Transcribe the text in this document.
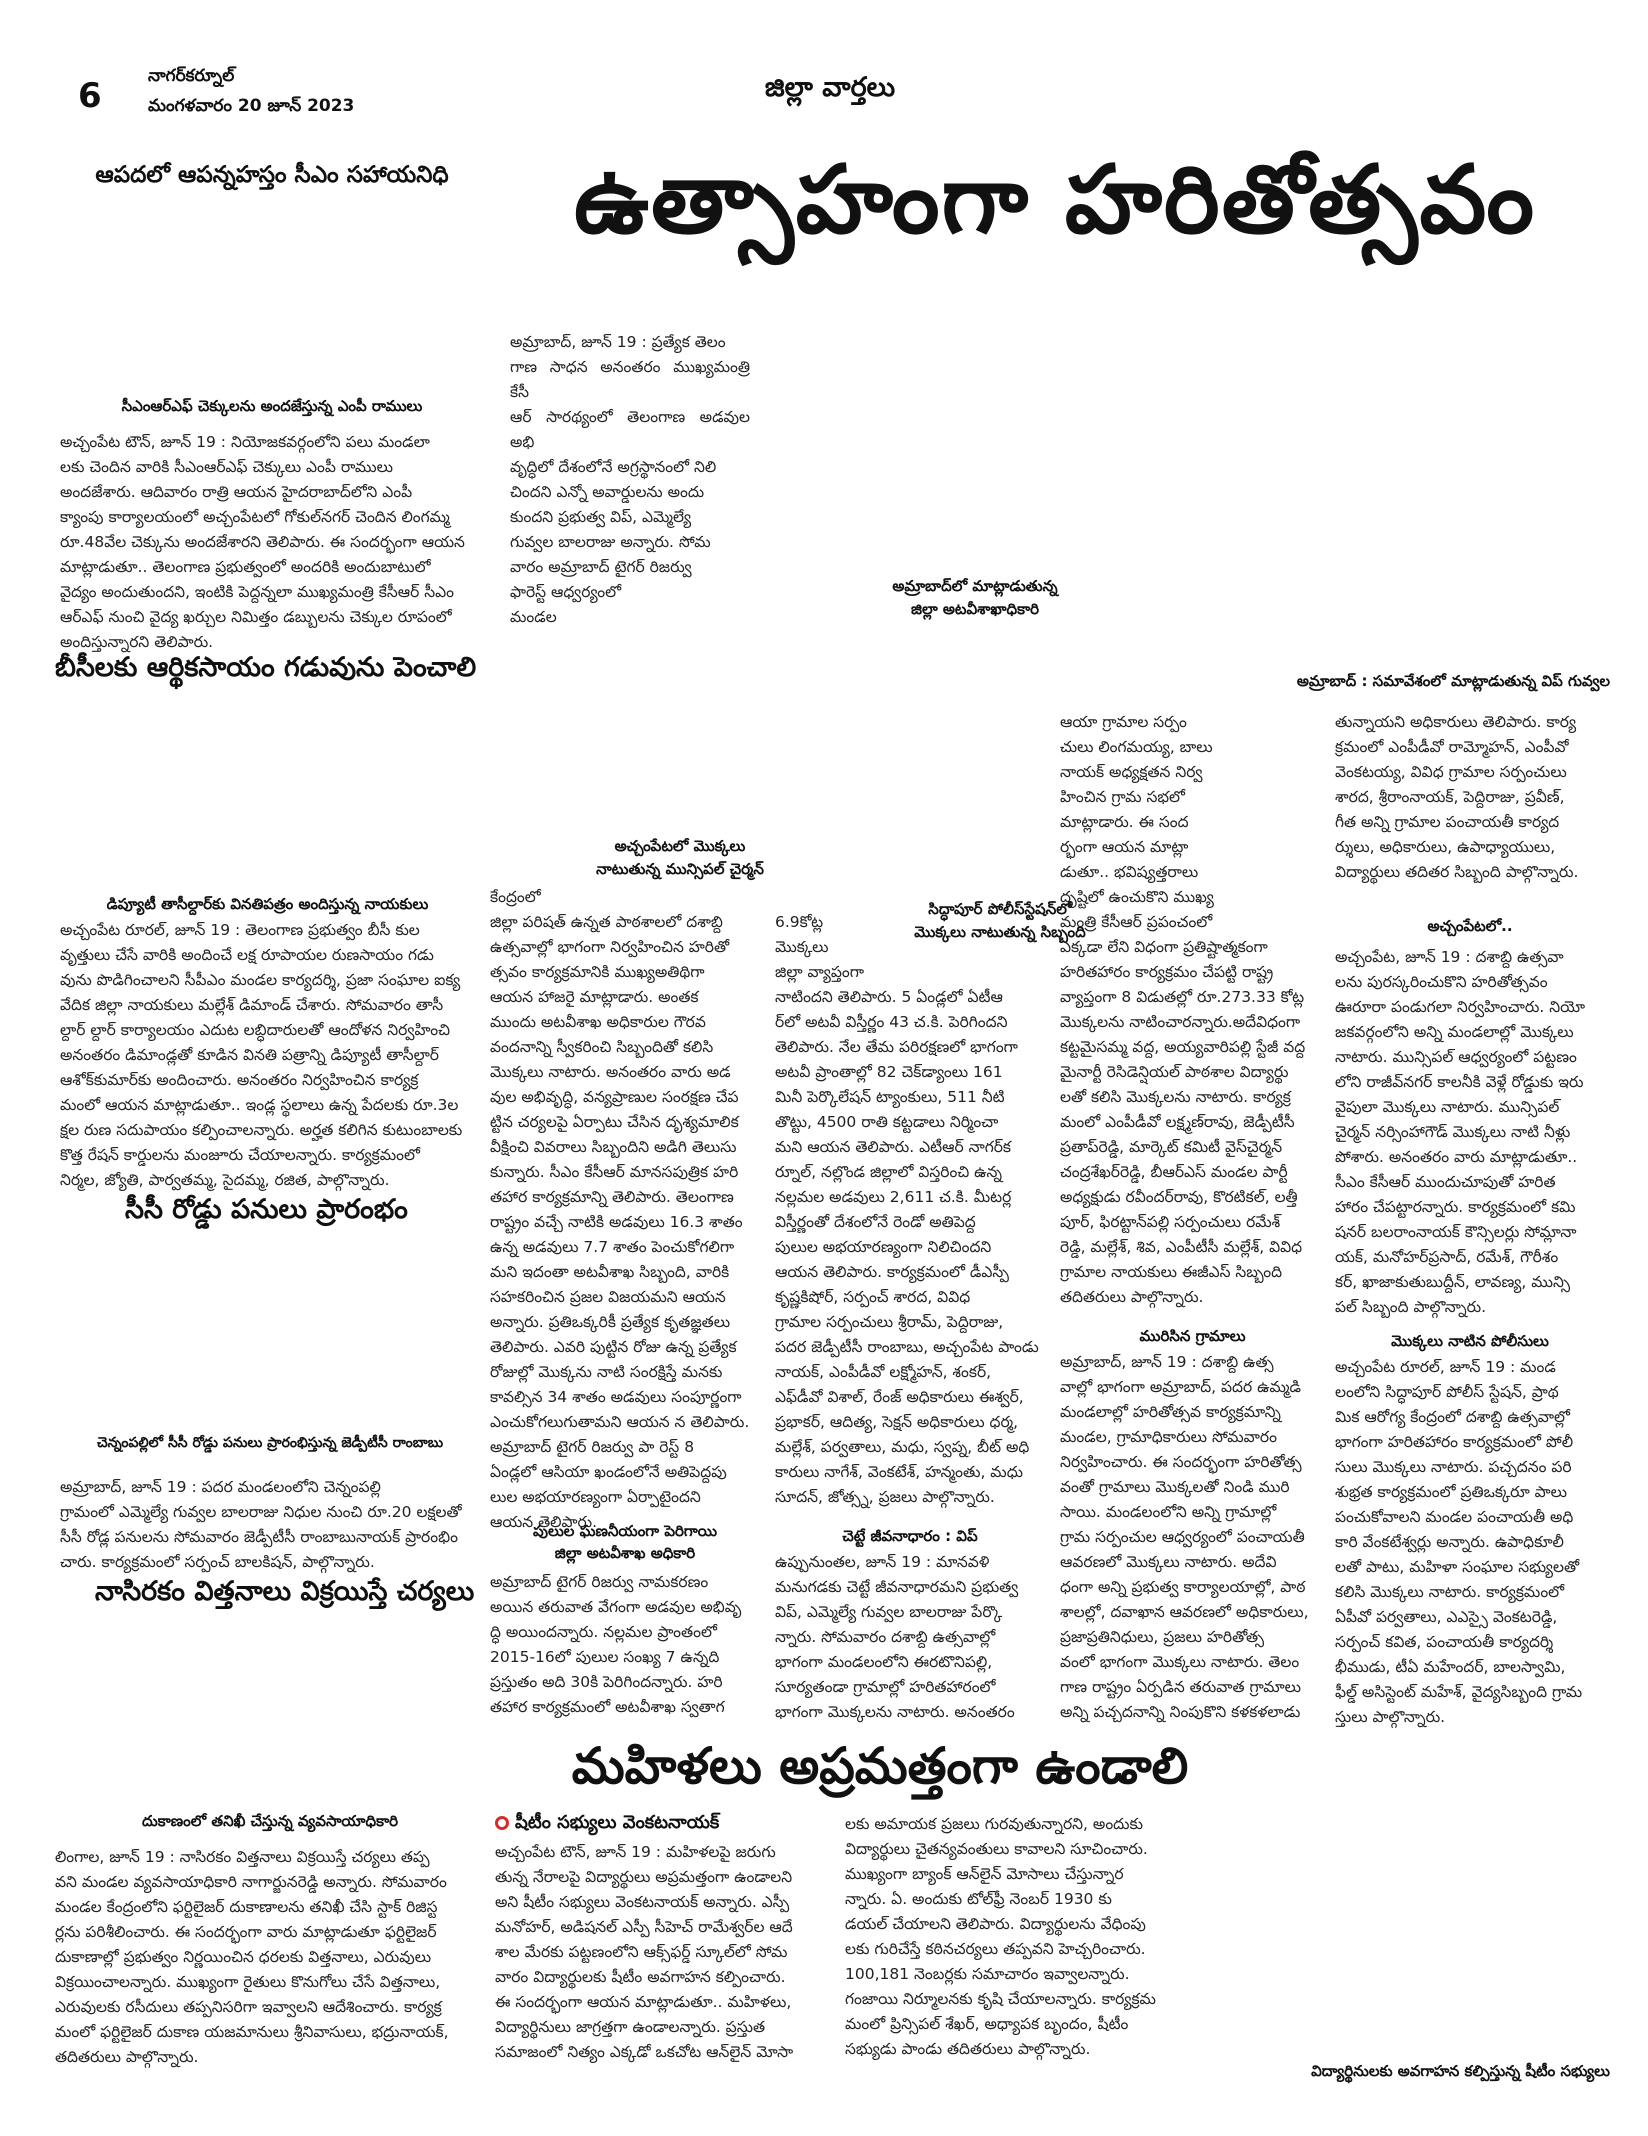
6	నాగర్‌కర్నూల్
మంగళవారం 20 జూన్ 2023
జిల్లా వార్తలు
ఉత్సాహంగా హరితోత్సవం
ఆపదలో ఆపన్నహస్తం సీఎం సహాయనిధి
సీఎంఆర్ఎఫ్ చెక్కులను అందజేస్తున్న ఎంపీ రాములు
అచ్చంపేట టౌన్, జూన్ 19 : నియోజకవర్గంలోని పలు మండలా
లకు చెందిన వారికి సీఎంఆర్ఎఫ్ చెక్కులు ఎంపీ రాములు
అందజేశారు. ఆదివారం రాత్రి ఆయన హైదరాబాద్‌లోని ఎంపీ
క్యాంపు కార్యాలయంలో అచ్చంపేటలో గోకుల్‌నగర్ చెందిన లింగమ్మ
రూ.48వేల చెక్కును అందజేశారని తెలిపారు. ఈ సందర్భంగా ఆయన
మాట్లాడుతూ.. తెలంగాణ ప్రభుత్వంలో అందరికి అందుబాటులో
వైద్యం అందుతుందని, ఇంటికి పెద్దన్నలా ముఖ్యమంత్రి కేసీఆర్ సీఎం
ఆర్ఎఫ్ నుంచి వైద్య ఖర్చుల నిమిత్తం డబ్బులను చెక్కుల రూపంలో
అందిస్తున్నారని తెలిపారు.
బీసీలకు ఆర్థికసాయం గడువును పెంచాలి
డిప్యూటీ తాసీల్దార్‌కు వినతిపత్రం అందిస్తున్న నాయకులు
అచ్చంపేట రూరల్, జూన్ 19 : తెలంగాణ ప్రభుత్వం బీసీ కుల
వృత్తులు చేసే వారికి అందించే లక్ష రూపాయల రుణసాయం గడు
వును పొడిగించాలని సీపీఎం మండల కార్యదర్శి, ప్రజా సంఘాల ఐక్య
వేదిక జిల్లా నాయకులు మల్లేశ్ డిమాండ్ చేశారు. సోమవారం తాసీ
ల్దార్ ల్దార్ కార్యాలయం ఎదుట లబ్ధిదారులతో ఆందోళన నిర్వహించి
అనంతరం డిమాండ్లతో కూడిన వినతి పత్రాన్ని డిప్యూటీ తాసీల్దార్
ఆశోక్‌కుమార్‌కు అందించారు. అనంతరం నిర్వహించిన కార్యక్ర
మంలో ఆయన మాట్లాడుతూ.. ఇండ్ల స్థలాలు ఉన్న పేదలకు రూ.3ల
క్షల రుణ సదుపాయం కల్పించాలన్నారు. అర్హత కలిగిన కుటుంబాలకు
కొత్త రేషన్ కార్డులను మంజూరు చేయాలన్నారు. కార్యక్రమంలో
నిర్మల, జ్యోతి, పార్వతమ్మ, సైదమ్మ, రజిత, పాల్గొన్నారు.
సీసీ రోడ్డు పనులు ప్రారంభం
చెన్నంపల్లిలో సీసీ రోడ్డు పనులు ప్రారంభిస్తున్న జెడ్పీటీసీ రాంబాబు
అమ్రాబాద్, జూన్ 19 : పదర మండలంలోని చెన్నంపల్లి
గ్రామంలో ఎమ్మెల్యే గువ్వల బాలరాజు నిధుల నుంచి రూ.20 లక్షలతో
సీసీ రోడ్ల పనులను సోమవారం జెడ్పీటీసీ రాంబాబునాయక్ ప్రారంభిం
చారు. కార్యక్రమంలో సర్పంచ్ బాలకిషన్, పాల్గొన్నారు.
నాసిరకం విత్తనాలు విక్రయిస్తే చర్యలు
అమ్రాబాద్, జూన్ 19 : ప్రత్యేక తెలం
గాణ సాధన అనంతరం ముఖ్యమంత్రి కేసీ
ఆర్ సారథ్యంలో తెలంగాణ అడవుల అభి
వృద్ధిలో దేశంలోనే అగ్రస్థానంలో నిలి
చిందని ఎన్నో అవార్డులను అందు
కుందని ప్రభుత్వ విప్, ఎమ్మెల్యే
గువ్వల బాలరాజు అన్నారు. సోమ
వారం అమ్రాబాద్ టైగర్ రిజర్వు
ఫారెస్ట్ ఆధ్వర్యంలో
మండల
అమ్రాబాద్‌లో మాట్లాడుతున్న
జిల్లా అటవీశాఖాధికారి
అమ్రాబాద్ : సమావేశంలో మాట్లాడుతున్న విప్ గువ్వల
అచ్చంపేటలో మొక్కలు
నాటుతున్న మున్సిపల్ చైర్మన్
సిద్ధాపూర్ పోలీస్‌స్టేషన్‌లో
మొక్కలు నాటుతున్న సిబ్బంది
కేంద్రంలో
జిల్లా పరిషత్ ఉన్నత పాఠశాలలో దశాబ్ది
ఉత్సవాల్లో భాగంగా నిర్వహించిన హరితో
త్సవం కార్యక్రమానికి ముఖ్యఅతిథిగా
ఆయన హాజరై మాట్లాడారు. అంతక
ముందు అటవీశాఖ అధికారుల గౌరవ
వందనాన్ని స్వీకరించి సిబ్బందితో కలిసి
మొక్కలు నాటారు. అనంతరం వారు అడ
వుల అభివృద్ధి, వన్యప్రాణుల సంరక్షణ చేప
ట్టిన చర్యలపై ఏర్పాటు చేసిన దృశ్యమాలిక
వీక్షించి వివరాలు సిబ్బందిని అడిగి తెలుసు
కున్నారు. సీఎం కేసీఆర్ మానసపుత్రిక హరి
తహార కార్యక్రమాన్ని తెలిపారు. తెలంగాణ
రాష్ట్రం వచ్చే నాటికి అడవులు 16.3 శాతం
ఉన్న అడవులు 7.7 శాతం పెంచుకోగలిగా
మని ఇదంతా అటవీశాఖ సిబ్బంది, వారికి
సహకరించిన ప్రజల విజయమని ఆయన
అన్నారు. ప్రతిఒక్కరికీ ప్రత్యేక కృతజ్ఞతలు
తెలిపారు. ఎవరి పుట్టిన రోజు ఉన్న ప్రత్యేక
రోజుల్లో మొక్కను నాటి సంరక్షిస్తే మనకు
కావల్సిన 34 శాతం అడవులు సంపూర్ణంగా
ఎంచుకోగలుగుతామని ఆయన న తెలిపారు.
అమ్రాబాద్ టైగర్ రిజర్వు పా రెస్ట్ 8
ఏండ్లలో ఆసియా ఖండంలోనే అతిపెద్దపు
లుల అభయారణ్యంగా ఏర్పాటైందని
ఆయన తెలిపారు.
పులుల ఘణనీయంగా పెరిగాయి
జిల్లా అటవీశాఖ అధికారి
అమ్రాబాద్ టైగర్ రిజర్వు నామకరణం
అయిన తరువాత వేగంగా అడవుల అభివృ
ద్ధి అయిందన్నారు. నల్లమల ప్రాంతంలో
2015-16లో పులుల సంఖ్య 7 ఉన్నది
ప్రస్తుతం అది 30కి పెరిగిందన్నారు. హరి
తహార కార్యక్రమంలో అటవీశాఖ స్వతాగ
6.9కోట్ల
మొక్కలు
జిల్లా వ్యాప్తంగా
నాటిందని తెలిపారు. 5 ఏండ్లలో ఏటీఆ
ర్‌లో అటవీ విస్తీర్ణం 43 చ.కి. పెరిగిందని
తెలిపారు. నేల తేమ పరిరక్షణలో భాగంగా
అటవీ ప్రాంతాల్లో 82 చెక్‌డ్యాంలు 161
మినీ పెర్కొలేషన్ ట్యాంకులు, 511 నీటి
తొట్టు, 4500 రాతి కట్టడాలు నిర్మించా
మని ఆయన తెలిపారు. ఎటీఆర్ నాగర్‌క
ర్నూల్, నల్లొండ జిల్లాలో విస్తరించి ఉన్న
నల్లమల అడవులు 2,611 చ.కి. మీటర్ల
విస్తీర్ణంతో దేశంలోనే రెండో అతిపెద్ద
పులుల అభయారణ్యంగా నిలిచిందని
ఆయన తెలిపారు. కార్యక్రమంలో డీఎస్పీ
కృష్ణకిషోర్, సర్పంచ్ శారద, వివిధ
గ్రామాల సర్పంచులు శ్రీరామ్, పెద్దిరాజు,
పదర జెడ్పీటీసీ రాంబాబు, అచ్చంపేట పాండు
నాయక్, ఎంపీడీవో లక్ష్మోహన్, శంకర్,
ఎఫ్‌డీవో విశాల్, రేంజ్ అధికారులు ఈశ్వర్,
ప్రభాకర్, ఆదిత్య, సెక్షన్ అధికారులు ధర్మ,
మల్లేశ్, పర్వతాలు, మధు, స్వప్న, బీట్ అధి
కారులు నాగేశ్, వెంకటేశ్, హన్మంతు, మధు
సూదన్, జోత్స్న, ప్రజలు పాల్గొన్నారు.
చెట్టే జీవనాధారం : విప్
ఉప్పునుంతల, జూన్ 19 : మానవళి
మనుగడకు చెట్టే జీవనాధారమని ప్రభుత్వ
విప్, ఎమ్మెల్యే గువ్వల బాలరాజు పేర్కొ
న్నారు. సోమవారం దశాబ్ది ఉత్సవాల్లో
భాగంగా మండలంలోని ఈరటొనిపల్లి,
సూర్యతండా గ్రామాల్లో హరితహారంలో
భాగంగా మొక్కలను నాటారు. అనంతరం
ఆయా గ్రామాల సర్పం
చులు లింగమయ్య, బాలు
నాయక్ అధ్యక్షతన నిర్వ
హించిన గ్రామ సభలో
మాట్లాడారు. ఈ సంద
ర్భంగా ఆయన మాట్లా
డుతూ.. భవిష్యత్తరాలు
దృష్టిలో ఉంచుకొని ముఖ్య
మంత్రి కేసీఆర్ ప్రపంచంలో
ఎక్కడా లేని విధంగా ప్రతిష్టాత్మకంగా
హరితహారం కార్యక్రమం చేపట్టి రాష్ట్ర
వ్యాప్తంగా 8 విడుతల్లో రూ.273.33 కోట్ల
మొక్కలను నాటించారన్నారు.అదేవిధంగా
కట్టమైసమ్మ వద్ద, అయ్యవారిపల్లి స్టేజీ వద్ద
మైనార్టీ రెసిడెన్షియల్ పాఠశాల విద్యార్థు
లతో కలిసి మొక్కలను నాటారు. కార్యక్ర
మంలో ఎంపీడీవో లక్ష్మణ్‌రావు, జెడ్పీటీసీ
ప్రతాప్‌రెడ్డి, మార్కెట్ కమిటీ వైస్‌చైర్మన్
చంద్రశేఖర్‌రెడ్డి, బీఆర్ఎస్ మండల పార్టీ
అధ్యక్షుడు రవీందర్‌రావు, కొరటికల్, లత్తీ
పూర్, ఫిరట్టాన్‌పల్లి సర్పంచులు రమేశ్
రెడ్డి, మల్లేశ్, శివ, ఎంపీటీసీ మల్లేశ్, వివిధ
గ్రామాల నాయకులు ఈజీఎస్ సిబ్బంది
తదితరులు పాల్గొన్నారు.
మురిసిన గ్రామాలు
అమ్రాబాద్, జూన్ 19 : దశాబ్ది ఉత్స
వాల్లో భాగంగా అమ్రాబాద్, పదర ఉమ్మడి
మండలాల్లో హరితోత్సవ కార్యక్రమాన్ని
మండల, గ్రామాధికారులు సోమవారం
నిర్వహించారు. ఈ సందర్భంగా హరితోత్స
వంతో గ్రామాలు మొక్కలతో నిండి మురి
సాయి. మండలంలోని అన్ని గ్రామాల్లో
గ్రామ సర్పంచుల ఆధ్వర్యంలో పంచాయతీ
ఆవరణలో మొక్కలు నాటారు. అదేవి
ధంగా అన్ని ప్రభుత్వ కార్యాలయాల్లో, పాఠ
శాలల్లో, దవాఖాన ఆవరణలో అధికారులు,
ప్రజాప్రతినిధులు, ప్రజలు హరితోత్స
వంలో భాగంగా మొక్కలు నాటారు. తెలం
గాణ రాష్ట్రం ఏర్పడిన తరువాత గ్రామాలు
అన్ని పచ్చదనాన్ని నింపుకొని కళకళలాడు
తున్నాయని అధికారులు తెలిపారు. కార్య
క్రమంలో ఎంపీడీవో రామ్మోహన్, ఎంపీవో
వెంకటయ్య, వివిధ గ్రామాల సర్పంచులు
శారద, శ్రీరాంనాయక్, పెద్దిరాజు, ప్రవీణ్,
గీత అన్ని గ్రామాల పంచాయతీ కార్యద
ర్శులు, అధికారులు, ఉపాధ్యాయులు,
విద్యార్థులు తదితర సిబ్బంది పాల్గొన్నారు.
అచ్చంపేటలో..
అచ్చంపేట, జూన్ 19 : దశాబ్ది ఉత్సవా
లను పురస్కరించుకొని హరితోత్సవం
ఊరూరా పండుగలా నిర్వహించారు. నియో
జకవర్గంలోని అన్ని మండలాల్లో మొక్కలు
నాటారు. మున్సిపల్ ఆధ్వర్యంలో పట్టణం
లోని రాజీవ్‌నగర్ కాలనీకి వెళ్లే రోడ్డుకు ఇరు
వైపులా మొక్కలు నాటారు. మున్సిపల్
చైర్మన్ నర్సింహాగౌడ్ మొక్కలు నాటి నీళ్లు
పోశారు. అనంతరం వారు మాట్లాడుతూ..
సీఎం కేసీఆర్ ముందుచూపుతో హరిత
హారం చేపట్టారన్నారు. కార్యక్రమంలో కమి
షనర్ బలరాంనాయక్ కౌన్సిలర్లు సోమ్లానా
యక్, మనోహర్‌ప్రసాద్, రమేశ్, గౌరీశం
కర్, ఖాజాకుతుబుద్దీన్, లావణ్య, మున్సి
పల్ సిబ్బంది పాల్గొన్నారు.
మొక్కలు నాటిన పోలీసులు
అచ్చంపేట రూరల్, జూన్ 19 : మండ
లంలోని సిద్ధాపూర్ పోలీస్ స్టేషన్, ప్రాథ
మిక ఆరోగ్య కేంద్రంలో దశాబ్ది ఉత్సవాల్లో
భాగంగా హరితహారం కార్యక్రమంలో పోలీ
సులు మొక్కలు నాటారు. పచ్చదనం పరి
శుభ్రత కార్యక్రమంలో ప్రతిఒక్కరూ పాలు
పంచుకోవాలని మండల పంచాయతీ అధి
కారి వేంకటేశ్వర్లు అన్నారు. ఉపాధికూలీ
లతో పాటు, మహిళా సంఘాల సభ్యులతో
కలిసి మొక్కలు నాటారు. కార్యక్రమంలో
ఏపీవో పర్వతాలు, ఎఎస్సై వెంకటరెడ్డి,
సర్పంచ్ కవిత, పంచాయతీ కార్యదర్శి
భీముడు, టీఏ మహేందర్, బాలస్వామి,
ఫీల్డ్ అసిస్టెంట్ మహేశ్, వైద్యసిబ్బంది గ్రామ
స్తులు పాల్గొన్నారు.
దుకాణంలో తనిఖీ చేస్తున్న వ్యవసాయాధికారి
లింగాల, జూన్ 19 : నాసిరకం విత్తనాలు విక్రయిస్తే చర్యలు తప్ప
వని మండల వ్యవసాయాధికారి నాగార్జునరెడ్డి అన్నారు. సోమవారం
మండల కేంద్రంలోని ఫర్టిలైజర్ దుకాణాలను తనిఖీ చేసి స్టాక్ రిజిస్ట
ర్లను పరిశీలించారు. ఈ సందర్భంగా వారు మాట్లాడుతూ ఫర్టిలైజర్
దుకాణాల్లో ప్రభుత్వం నిర్ణయించిన ధరలకు విత్తనాలు, ఎరువులు
విక్రయించాలన్నారు. ముఖ్యంగా రైతులు కొనుగోలు చేసే విత్తనాలు,
ఎరువులకు రసీదులు తప్పనిసరిగా ఇవ్వాలని ఆదేశించారు. కార్యక్ర
మంలో ఫర్టిలైజర్ దుకాణ యజమానులు శ్రీనివాసులు, భద్రునాయక్,
తదితరులు పాల్గొన్నారు.
మహిళలు అప్రమత్తంగా ఉండాలి
షీటీం సభ్యులు వెంకటనాయక్
అచ్చంపేట టౌన్, జూన్ 19 : మహిళలపై జరుగు
తున్న నేరాలపై విద్యార్థులు అప్రమత్తంగా ఉండాలని
అని షీటీం సభ్యులు వెంకటనాయక్ అన్నారు. ఎస్పీ
మనోహర్, అడిషనల్ ఎస్పీ సీహెచ్ రామేశ్వర్‌ల ఆదే
శాల మేరకు పట్టణంలోని ఆక్స్‌ఫర్డ్ స్కూల్‌లో సోమ
వారం విద్యార్థులకు షీటీం అవగాహన కల్పించారు.
ఈ సందర్భంగా ఆయన మాట్లాడుతూ.. మహిళలు,
విద్యార్థినులు జాగ్రత్తగా ఉండాలన్నారు. ప్రస్తుత
సమాజంలో నిత్యం ఎక్కడో ఒకచోట ఆన్‌లైన్ మోసా
లకు అమాయక ప్రజలు గురవుతున్నారని, అందుకు
విద్యార్థులు చైతన్యవంతులు కావాలని సూచించారు.
ముఖ్యంగా బ్యాంక్ ఆన్‌లైన్ మోసాలు చేస్తున్నార
న్నారు. ఏ. అందుకు టోల్‌ఫ్రీ నెంబర్ 1930 కు
డయల్ చేయాలని తెలిపారు. విద్యార్థులను వేధింపు
లకు గురిచేస్తే కఠినచర్యలు తప్పవని హెచ్చరించారు.
100,181 నెంబర్లకు సమాచారం ఇవ్వాలన్నారు.
గంజాయి నిర్మూలనకు కృషి చేయాలన్నారు. కార్యక్రమ
మంలో ప్రిన్సిపల్ శేఖర్, అధ్యాపక బృందం, షీటీం
సభ్యుడు పాండు తదితరులు పాల్గొన్నారు.
విద్యార్థినులకు అవగాహన కల్పిస్తున్న షీటీం సభ్యులు
